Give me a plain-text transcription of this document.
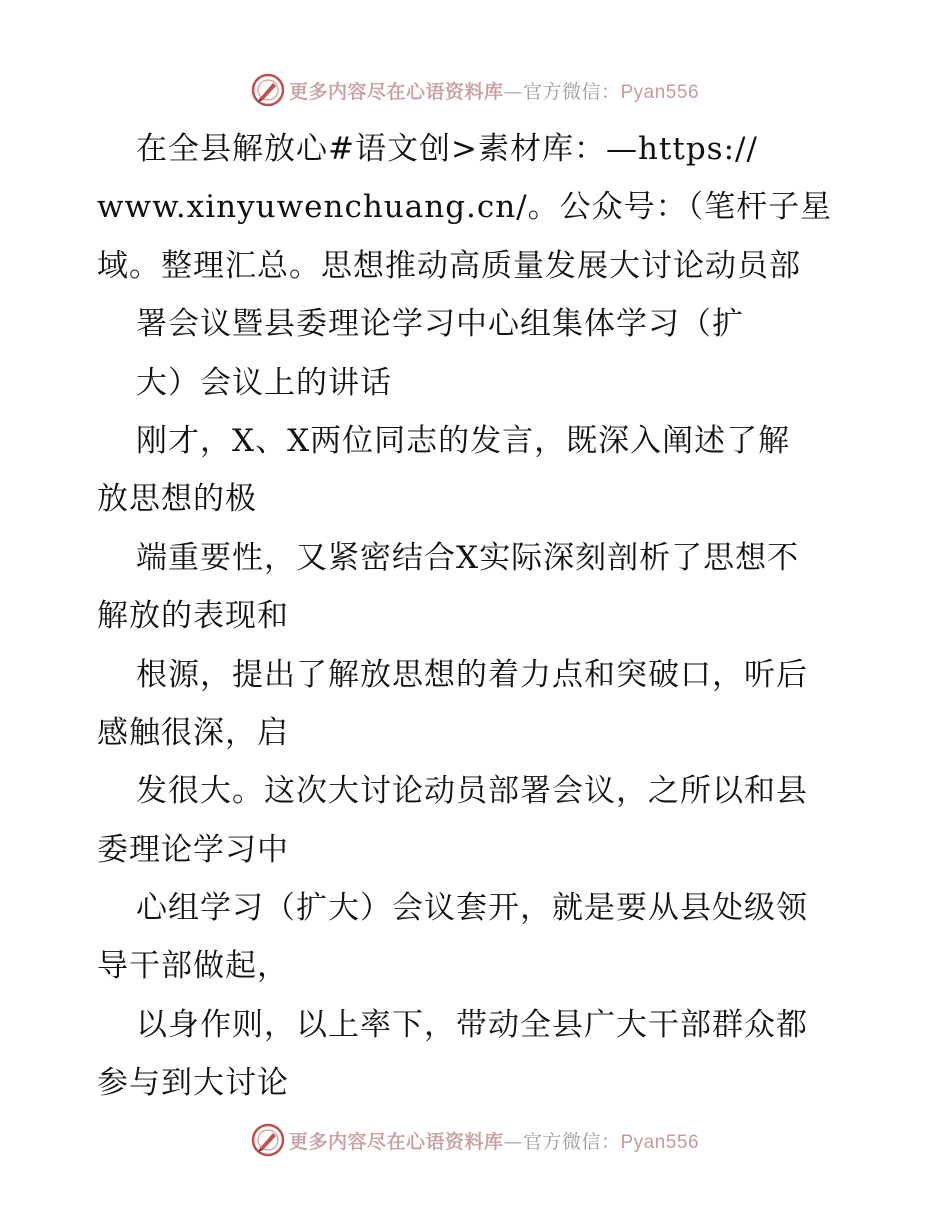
更多内容尽在心语资料库—官方微信：Pyan556
在全县解放心#语文创>素材库：—https://
www.xinyuwenchuang.cn/。公众号：（笔杆子星
域。整理汇总。思想推动高质量发展大讨论动员部
署会议暨县委理论学习中心组集体学习（扩
大）会议上的讲话
刚才，X、X两位同志的发言，既深入阐述了解
放思想的极
端重要性，又紧密结合X实际深刻剖析了思想不
解放的表现和
根源，提出了解放思想的着力点和突破口，听后
感触很深，启
发很大。这次大讨论动员部署会议，之所以和县
委理论学习中
心组学习（扩大）会议套开，就是要从县处级领
导干部做起，
以身作则，以上率下，带动全县广大干部群众都
参与到大讨论
更多内容尽在心语资料库—官方微信：Pyan556
